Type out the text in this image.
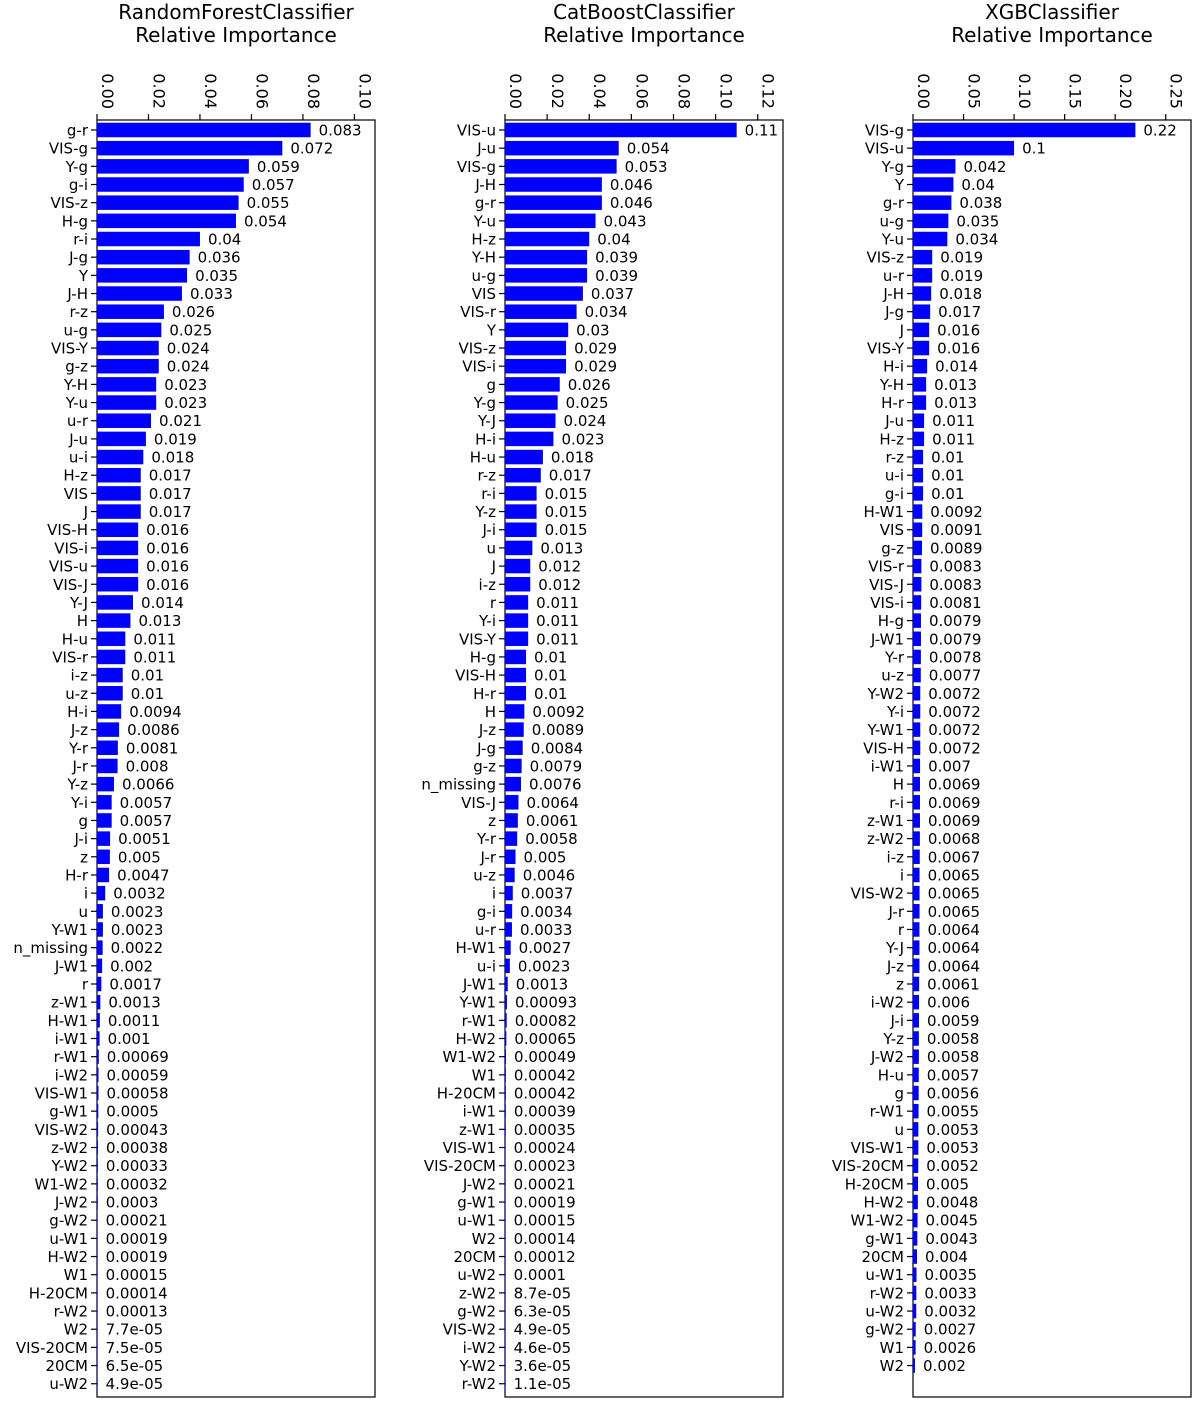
RandomForestClassifier Relative Importance
0.00 0.02 0.04 0.06 0.08 0.10
g-r	0.083
VIS-g	0.072
Y-g	0.059
g-i	0.057
VIS-z	0.055
H-g	0.054
r-i	0.04
J-g	0.036
Y	0.035
J-H	0.033
r-z	0.026
u-g	0.025
VIS-Y	0.024
g-z	0.024
Y-H	0.023
Y-u	0.023
u-r	0.021
J-u	0.019
u-i	0.018
H-z	0.017
VIS	0.017
J	0.017
VIS-H	0.016
VIS-i	0.016
VIS-u	0.016
VIS-J	0.016
Y-J	0.014
H	0.013
H-u	0.011
VIS-r	0.011
i-z	0.01
u-z	0.01
H-i	0.0094
J-z	0.0086
Y-r	0.0081
J-r	0.008
Y-z 0.0066
Y-i 0.0057
g 0.0057
J-i 0.0051
z 0.005
H-r 0.0047
i 0.0032
u 0.0023
Y-W1 0.0023
n_missing 0.0022
J-W1 0.002
r 0.0017
z-W1 0.0013
H-W1 0.0011
i-W1 0.001
r-W1 0.00069
i-W2 0.00059
VIS-W1 0.00058
g-W1 0.0005
VIS-W2 0.00043
z-W2 0.00038
Y-W2 0.00033
W1-W2 0.00032
J-W2 0.0003
g-W2 0.00021
u-W1 0.00019
H-W2 0.00019
W1 0.00015
H-20CM 0.00014
r-W2 0.00013
W2 7.7e-05
VIS-20CM 7.5e-05
20CM 6.5e-05
u-W2 4.9e-05
CatBoostClassifier Relative Importance
0.00 0.02 0.04 0.06 0.08 0.10 0.12
VIS-u	0.11
J-u	0.054
VIS-g	0.053
J-H	0.046
g-r	0.046
Y-u	0.043
H-z	0.04
Y-H	0.039
u-g	0.039
VIS	0.037
VIS-r	0.034
Y	0.03
VIS-z	0.029
VIS-i	0.029
g	0.026
Y-g	0.025
Y-J	0.024
H-i	0.023
H-u	0.018
r-z	0.017
r-i	0.015
Y-z	0.015
J-i	0.015
u	0.013
J	0.012
i-z	0.012
r	0.011
Y-i	0.011
VIS-Y	0.011
H-g	0.01
VIS-H	0.01
H-r	0.01
H 0.0092
J-z 0.0089
J-g 0.0084
g-z 0.0079
n_missing 0.0076
VIS-J 0.0064
z 0.0061
Y-r 0.0058
J-r 0.005
u-z 0.0046
i 0.0037
g-i 0.0034
u-r 0.0033
H-W1 0.0027
u-i 0.0023
J-W1 0.0013
Y-W1 0.00093
r-W1 0.00082
H-W2 0.00065
W1-W2 0.00049
W1 0.00042
H-20CM 0.00042
i-W1 0.00039
z-W1 0.00035
VIS-W1 0.00024
VIS-20CM 0.00023
J-W2 0.00021
g-W1 0.00019
u-W1 0.00015
W2 0.00014
20CM 0.00012
u-W2 0.0001
z-W2 8.7e-05
g-W2 6.3e-05
VIS-W2 4.9e-05
i-W2 4.6e-05
Y-W2 3.6e-05
r-W2 1.1e-05
XGBClassifier Relative Importance
0.00 0.05 0.10 0.15 0.20 0.25
VIS-g	0.22
VIS-u	0.1
Y-g	0.042
Y	0.04
g-r	0.038
u-g	0.035
Y-u	0.034
VIS-z 0.019
u-r 0.019
J-H 0.018
J-g 0.017
J 0.016
VIS-Y 0.016
H-i 0.014
Y-H 0.013
H-r 0.013
J-u 0.011
H-z 0.011
r-z 0.01
u-i 0.01
g-i 0.01
H-W1 0.0092
VIS 0.0091
g-z 0.0089
VIS-r 0.0083
VIS-J 0.0083
VIS-i 0.0081
H-g 0.0079
J-W1 0.0079
Y-r 0.0078
u-z 0.0077
Y-W2 0.0072
Y-i 0.0072
Y-W1 0.0072
VIS-H 0.0072
i-W1 0.007
H 0.0069
r-i 0.0069
z-W1 0.0069
z-W2 0.0068
i-z 0.0067
i 0.0065
VIS-W2 0.0065
J-r 0.0065
r 0.0064
Y-J 0.0064
J-z 0.0064
z 0.0061
i-W2 0.006
J-i 0.0059
Y-z 0.0058
J-W2 0.0058
H-u 0.0057
g 0.0056
r-W1 0.0055
u 0.0053
VIS-W1 0.0053
VIS-20CM 0.0052
H-20CM 0.005
H-W2 0.0048
W1-W2 0.0045
g-W1 0.0043
20CM 0.004
u-W1 0.0035
r-W2 0.0033
u-W2 0.0032
g-W2 0.0027
W1 0.0026
W2 0.002
